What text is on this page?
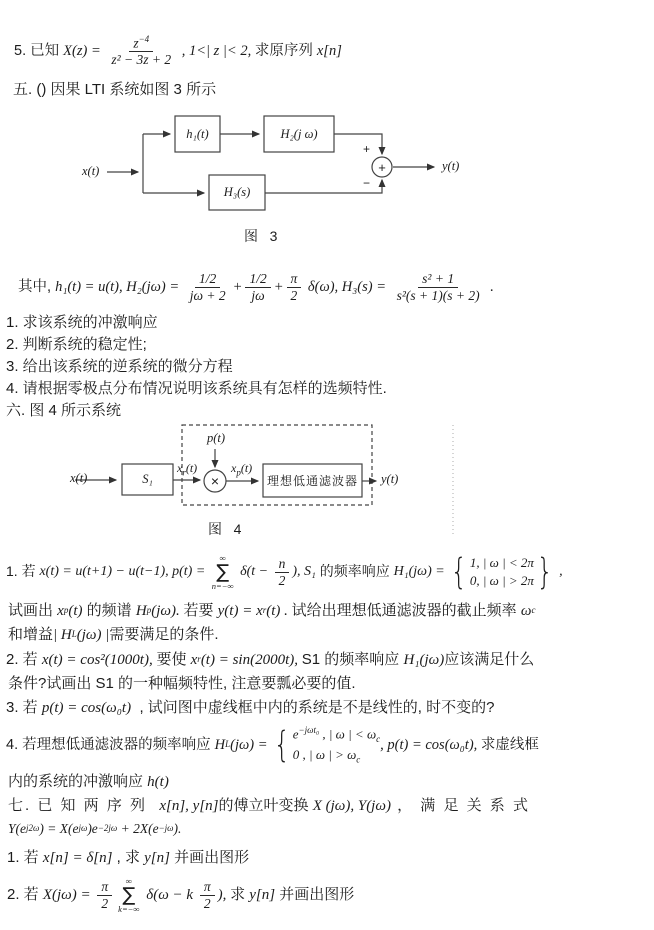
5. 已知 $X(z) = \frac{z^{-4}}{\text{z² − 3z + 2}}$ , 1<| z |< 2, 求原序列 x[n]
五. () 因果 LTI 系统如图 3 所示
x(t)
h₁(t)	H₂(j ω)
H₃(s)
+
+
−
y(t)
图   3
其中, h₁(t) = u(t), $H_2(j\omega) = \frac{1/2}{j\omega + 2} + \frac{1/2}{j\omega} + \frac{\pi}{2} \delta(\omega)$, $H_3(s) = \frac{\text{s² + 1}}{\text{s²(s + 1)(s + 2)}}$ .
1. 求该系统的冲激响应
2. 判断系统的稳定性;
3. 给出该系统的逆系统的微分方程
4. 请根据零极点分布情况说明该系统具有怎样的选频特性.
六. 图 4 所示系统
x(t)	S₁
$x_r(t)$
p(t)
×
$x_p(t)$
理想低通滤波器	y(t)
图   4
1. 若 x(t) = u(t+1) − u(t−1), p(t) =
∞
∑
n=−∞
$\delta(t - \frac{n}{2}$ ), S₁ 的频率响应 H₁(jω) = { 1, | ω | < 2π
0, | ω | > 2π } ,
试画出 x p (t) 的频谱 H p (jω). 若要 y(t) = x r (t) . 试给出理想低通滤波器的截止频率 ω c
和增益 | H L (jω) | 需要满足的条件.
2. 若 x(t) = cos²(1000t), 要使 x r (t) = sin(2000t), S1 的频率响应 H₁(jω) 应该满足什么
条件?试画出 S1 的一种幅频特性, 注意要瓢必要的值.
3. 若 p(t) = cos(ω₀t) , 试问图中虚线框中内的系统是不是线性的, 时不变的?
4. 若理想低通滤波器的频率响应 H L (jω) = { $e^{-j\omega t_0}$ , | ω | < $\omega_c$
0 , | ω | > $\omega_c$
, p(t) = cos(ω₀t), 求虚线框
内的系统的冲激响应 h(t)
七. 已 知 两 序 列 x[n], y[n] 的傅立叶变换 X (jω), Y(jω) ， 满 足 关 系 式
Y(e j2ω ) = X(e jω )e −2jω + 2X(e −jω ).
1. 若 x[n] = δ[n] , 求 y[n] 并画出图形
2. 若 $X(j\omega) = \frac{\pi}{2}$ ∞
∑
k=−∞
δ(ω − k $\frac{\pi}{2}$ ), 求 y[n] 并画出图形
